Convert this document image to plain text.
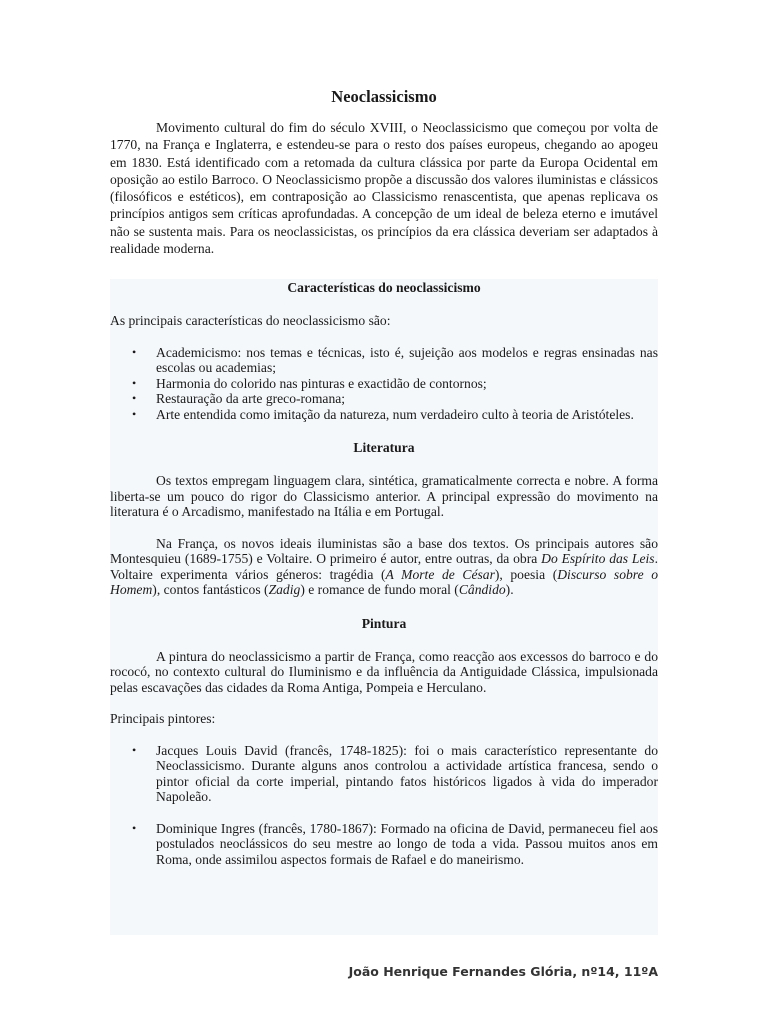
Neoclassicismo

Movimento cultural do fim do século XVIII, o Neoclassicismo que começou por volta de 1770, na França e Inglaterra, e estendeu-se para o resto dos países europeus, chegando ao apogeu em 1830. Está identificado com a retomada da cultura clássica por parte da Europa Ocidental em oposição ao estilo Barroco. O Neoclassicismo propõe a discussão dos valores iluministas e clássicos (filosóficos e estéticos), em contraposição ao Classicismo renascentista, que apenas replicava os princípios antigos sem críticas aprofundadas. A concepção de um ideal de beleza eterno e imutável não se sustenta mais. Para os neoclassicistas, os princípios da era clássica deveriam ser adaptados à realidade moderna.

Características do neoclassicismo

As principais características do neoclassicismo são:

• Academicismo: nos temas e técnicas, isto é, sujeição aos modelos e regras ensinadas nas escolas ou academias;
• Harmonia do colorido nas pinturas e exactidão de contornos;
• Restauração da arte greco-romana;
• Arte entendida como imitação da natureza, num verdadeiro culto à teoria de Aristóteles.
Literatura

Os textos empregam linguagem clara, sintética, gramaticalmente correcta e nobre. A forma liberta-se um pouco do rigor do Classicismo anterior. A principal expressão do movimento na literatura é o Arcadismo, manifestado na Itália e em Portugal.

Na França, os novos ideais iluministas são a base dos textos. Os principais autores são Montesquieu (1689-1755) e Voltaire. O primeiro é autor, entre outras, da obra Do Espírito das Leis. Voltaire experimenta vários géneros: tragédia (A Morte de César), poesia (Discurso sobre o Homem), contos fantásticos (Zadig) e romance de fundo moral (Cândido).

Pintura

A pintura do neoclassicismo a partir de França, como reacção aos excessos do barroco e do rococó, no contexto cultural do Iluminismo e da influência da Antiguidade Clássica, impulsionada pelas escavações das cidades da Roma Antiga, Pompeia e Herculano.

Principais pintores:

• Jacques Louis David (francês, 1748-1825): foi o mais característico representante do Neoclassicismo. Durante alguns anos controlou a actividade artística francesa, sendo o pintor oficial da corte imperial, pintando fatos históricos ligados à vida do imperador Napoleão.
• Dominique Ingres (francês, 1780-1867): Formado na oficina de David, permaneceu fiel aos postulados neoclássicos do seu mestre ao longo de toda a vida. Passou muitos anos em Roma, onde assimilou aspectos formais de Rafael e do maneirismo.
João Henrique Fernandes Glória, nº14, 11ºA
